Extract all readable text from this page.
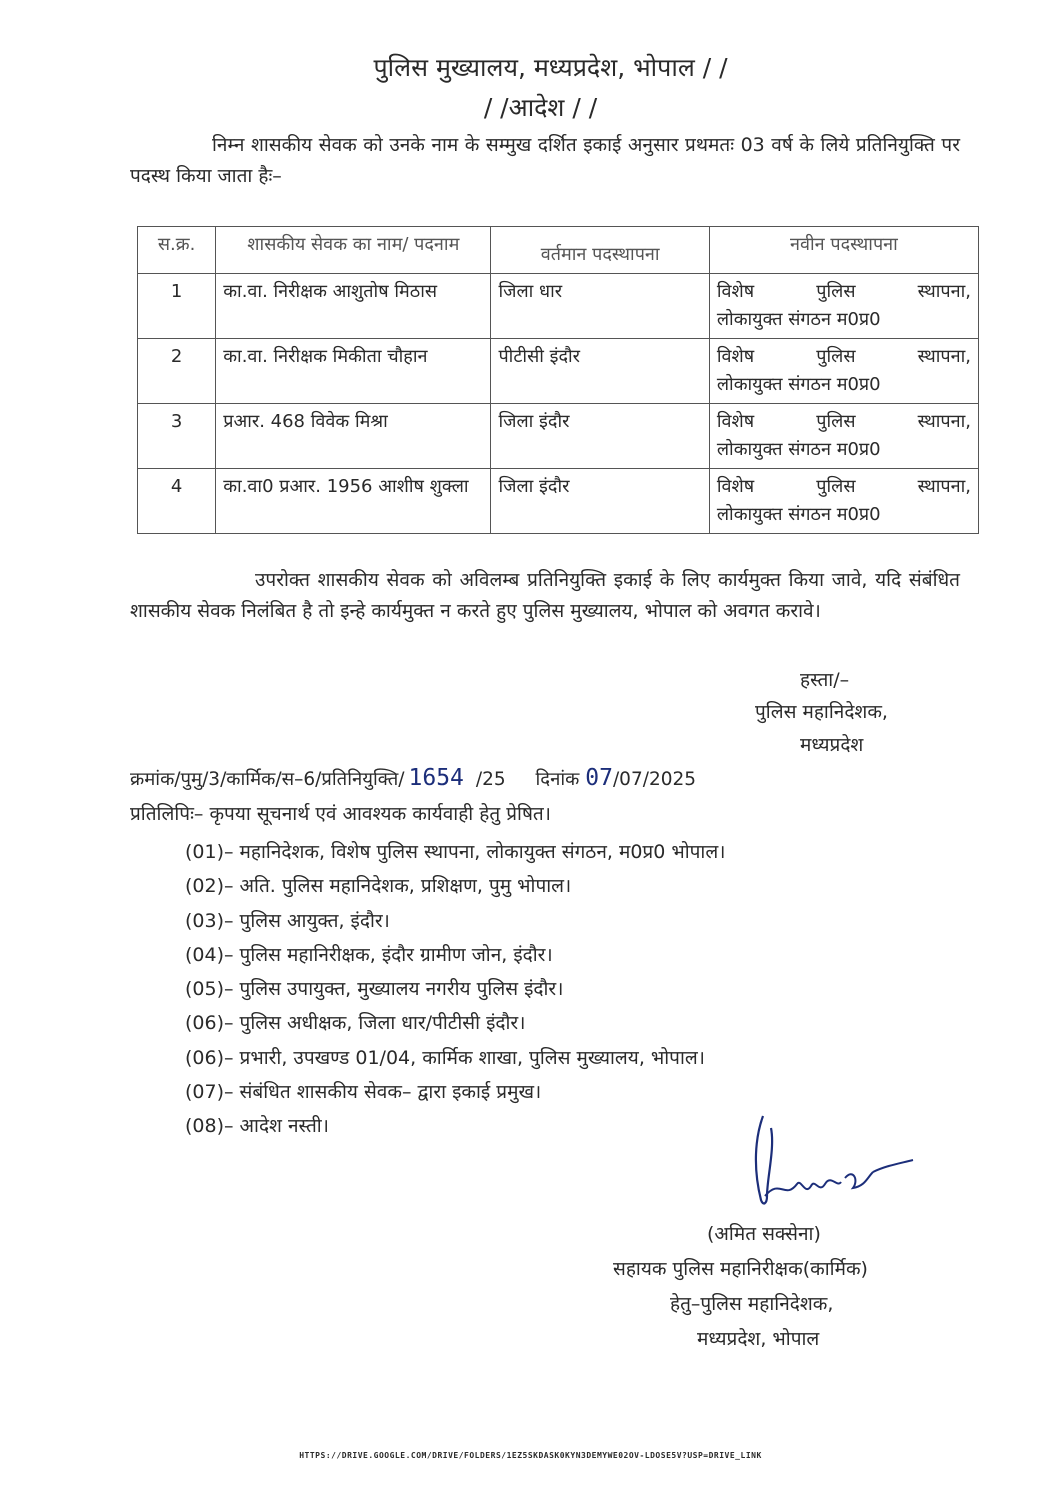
पुलिस मुख्यालय, मध्यप्रदेश, भोपाल / /
/ /आदेश / /
निम्न शासकीय सेवक को उनके नाम के सम्मुख दर्शित इकाई अनुसार प्रथमतः 03 वर्ष के लिये प्रतिनियुक्ति पर पदस्थ किया जाता हैः–
स.क्र.	शासकीय सेवक का नाम/ पदनाम	वर्तमान पदस्थापना	नवीन पदस्थापना
1	का.वा. निरीक्षक आशुतोष मिठास	जिला धार	विशेष पुलिस स्थापना,
लोकायुक्त संगठन म0प्र0

2	का.वा. निरीक्षक मिकीता चौहान	पीटीसी इंदौर	विशेष पुलिस स्थापना,
लोकायुक्त संगठन म0प्र0

3	प्रआर. 468 विवेक मिश्रा	जिला इंदौर	विशेष पुलिस स्थापना,
लोकायुक्त संगठन म0प्र0

4	का.वा0 प्रआर. 1956 आशीष शुक्ला	जिला इंदौर	विशेष पुलिस स्थापना,
लोकायुक्त संगठन म0प्र0
उपरोक्त शासकीय सेवक को अविलम्ब प्रतिनियुक्ति इकाई के लिए कार्यमुक्त किया जावे, यदि संबंधित शासकीय सेवक निलंबित है तो इन्हे कार्यमुक्त न करते हुए पुलिस मुख्यालय, भोपाल को अवगत करावे।
हस्ता/–
पुलिस महानिदेशक,
मध्यप्रदेश
क्रमांक/पुमु/3/कार्मिक/स–6/प्रतिनियुक्ति/ 1654 /25 दिनांक 07/07/2025
प्रतिलिपिः– कृपया सूचनार्थ एवं आवश्यक कार्यवाही हेतु प्रेषित।
(01)– महानिदेशक, विशेष पुलिस स्थापना, लोकायुक्त संगठन, म0प्र0 भोपाल।
(02)– अति. पुलिस महानिदेशक, प्रशिक्षण, पुमु भोपाल।
(03)– पुलिस आयुक्त, इंदौर।
(04)– पुलिस महानिरीक्षक, इंदौर ग्रामीण जोन, इंदौर।
(05)– पुलिस उपायुक्त, मुख्यालय नगरीय पुलिस इंदौर।
(06)– पुलिस अधीक्षक, जिला धार/पीटीसी इंदौर।
(06)– प्रभारी, उपखण्ड 01/04, कार्मिक शाखा, पुलिस मुख्यालय, भोपाल।
(07)– संबंधित शासकीय सेवक– द्वारा इकाई प्रमुख।
(08)– आदेश नस्ती।
(अमित सक्सेना)
सहायक पुलिस महानिरीक्षक(कार्मिक)
हेतु–पुलिस महानिदेशक,
मध्यप्रदेश, भोपाल
HTTPS://DRIVE.GOOGLE.COM/DRIVE/FOLDERS/1EZ5SKDASK0KYN3DEMYWE02OV-LDOSE5V?USP=DRIVE_LINK
